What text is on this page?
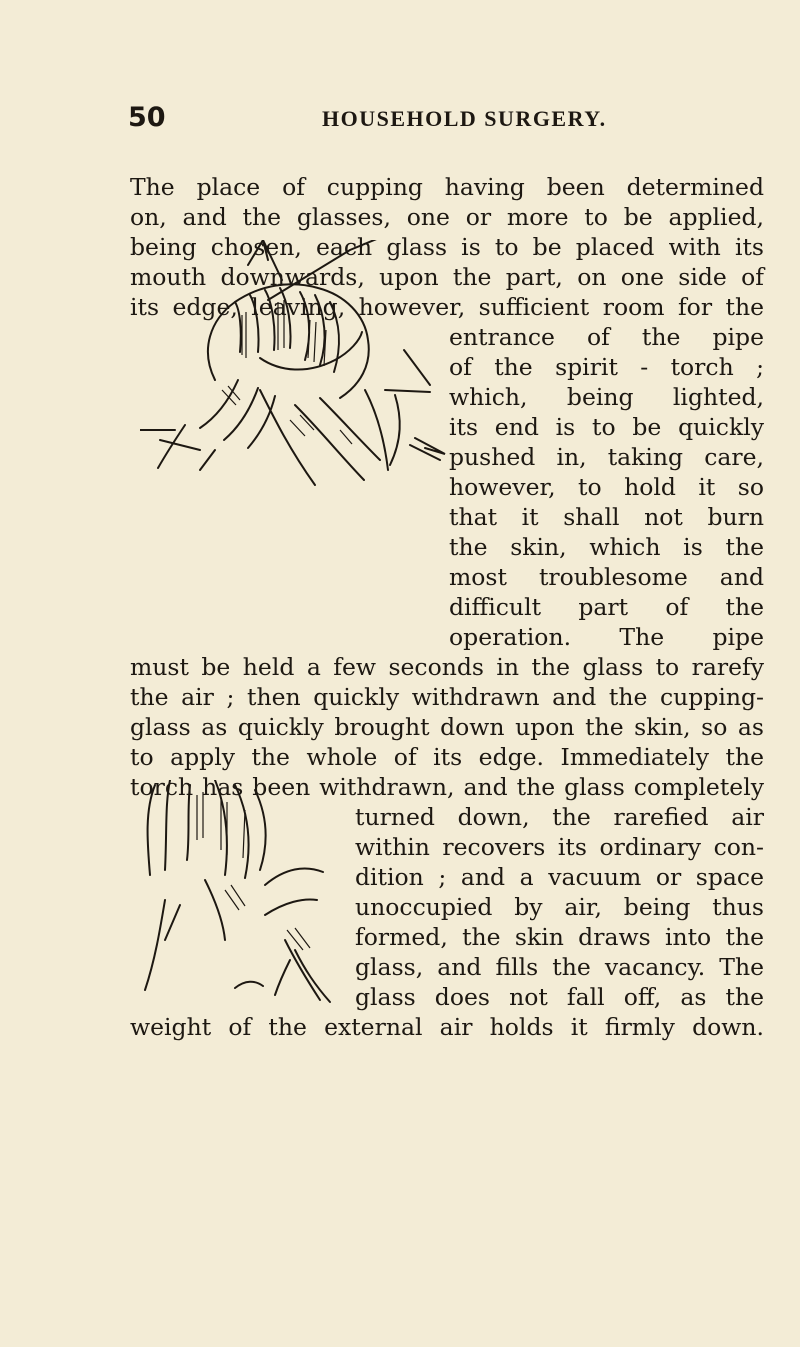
50	HOUSEHOLD SURGERY.
The place of cupping having been determined
on, and the glasses, one or more to be applied,
being chosen, each glass is to be placed with its
mouth downwards, upon the part, on one side of
its edge, leaving, however, sufficient room for the
entrance of the pipe
of the spirit - torch ;
which, being lighted,
its end is to be quickly
pushed in, taking care,
however, to hold it so
that it shall not burn
the skin, which is the
most troublesome and
difficult part of the
operation. The pipe
must be held a few seconds in the glass to rarefy
the air ; then quickly withdrawn and the cupping-
glass as quickly brought down upon the skin, so as
to apply the whole of its edge. Immediately the
torch has been withdrawn, and the glass completely
turned down, the rarefied air
within recovers its ordinary con-
dition ; and a vacuum or space
unoccupied by air, being thus
formed, the skin draws into the
glass, and fills the vacancy. The
glass does not fall off, as the
weight of the external air holds it firmly down.
